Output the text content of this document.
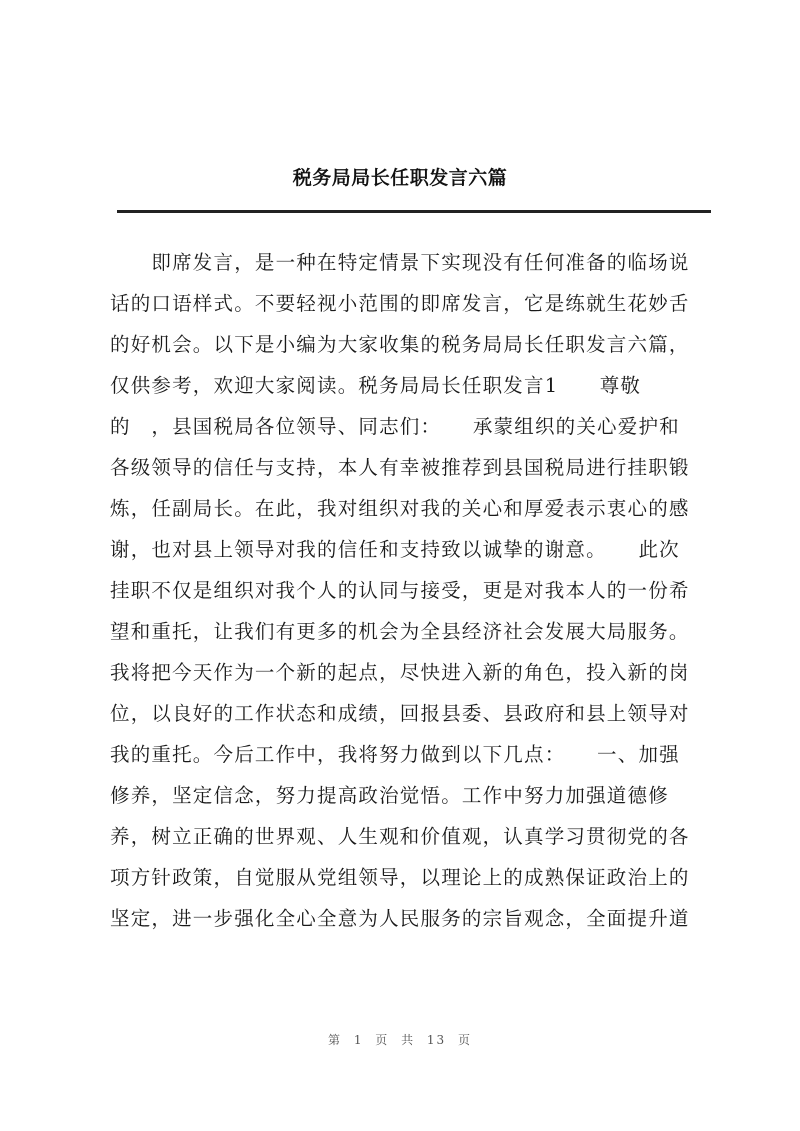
税务局局长任职发言六篇
　　即席发言，是一种在特定情景下实现没有任何准备的临场说
话的口语样式。不要轻视小范围的即席发言，它是练就生花妙舌
的好机会。以下是小编为大家收集的税务局局长任职发言六篇，
仅供参考，欢迎大家阅读。税务局局长任职发言1　　尊敬
的　，县国税局各位领导、同志们：　　承蒙组织的关心爱护和
各级领导的信任与支持，本人有幸被推荐到县国税局进行挂职锻
炼，任副局长。在此，我对组织对我的关心和厚爱表示衷心的感
谢，也对县上领导对我的信任和支持致以诚挚的谢意。　　此次
挂职不仅是组织对我个人的认同与接受，更是对我本人的一份希
望和重托，让我们有更多的机会为全县经济社会发展大局服务。
我将把今天作为一个新的起点，尽快进入新的角色，投入新的岗
位，以良好的工作状态和成绩，回报县委、县政府和县上领导对
我的重托。今后工作中，我将努力做到以下几点：　　一、加强
修养，坚定信念，努力提高政治觉悟。工作中努力加强道德修
养，树立正确的世界观、人生观和价值观，认真学习贯彻党的各
项方针政策，自觉服从党组领导，以理论上的成熟保证政治上的
坚定，进一步强化全心全意为人民服务的宗旨观念，全面提升道
第 1 页 共 13 页
